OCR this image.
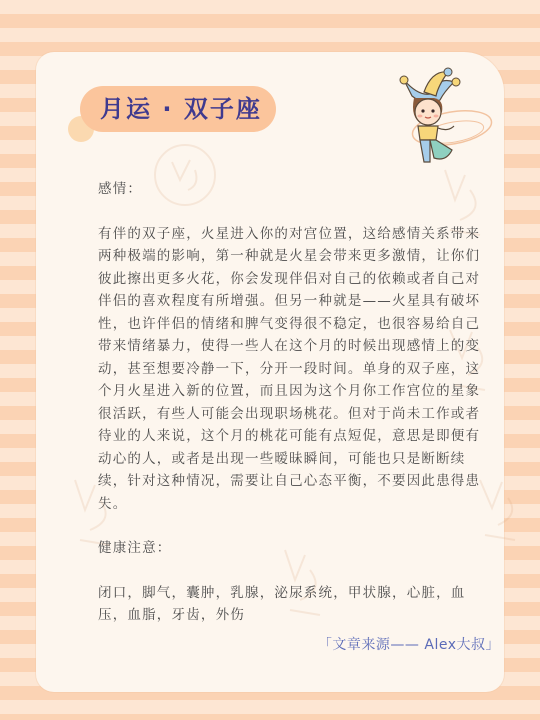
月运 · 双子座

感情：

有伴的双子座，火星进入你的对宫位置，这给感情关系带来两种极端的影响，第一种就是火星会带来更多激情，让你们彼此擦出更多火花，你会发现伴侣对自己的依赖或者自己对伴侣的喜欢程度有所增强。但另一种就是——火星具有破坏性，也许伴侣的情绪和脾气变得很不稳定，也很容易给自己带来情绪暴力，使得一些人在这个月的时候出现感情上的变动，甚至想要冷静一下，分开一段时间。单身的双子座，这个月火星进入新的位置，而且因为这个月你工作宫位的星象很活跃，有些人可能会出现职场桃花。但对于尚未工作或者待业的人来说，这个月的桃花可能有点短促，意思是即便有动心的人，或者是出现一些暧昧瞬间，可能也只是断断续续，针对这种情况，需要让自己心态平衡，不要因此患得患失。

健康注意：

闭口，脚气，囊肿，乳腺，泌尿系统，甲状腺，心脏，血压，血脂，牙齿，外伤

「文章来源—— Alex大叔」
